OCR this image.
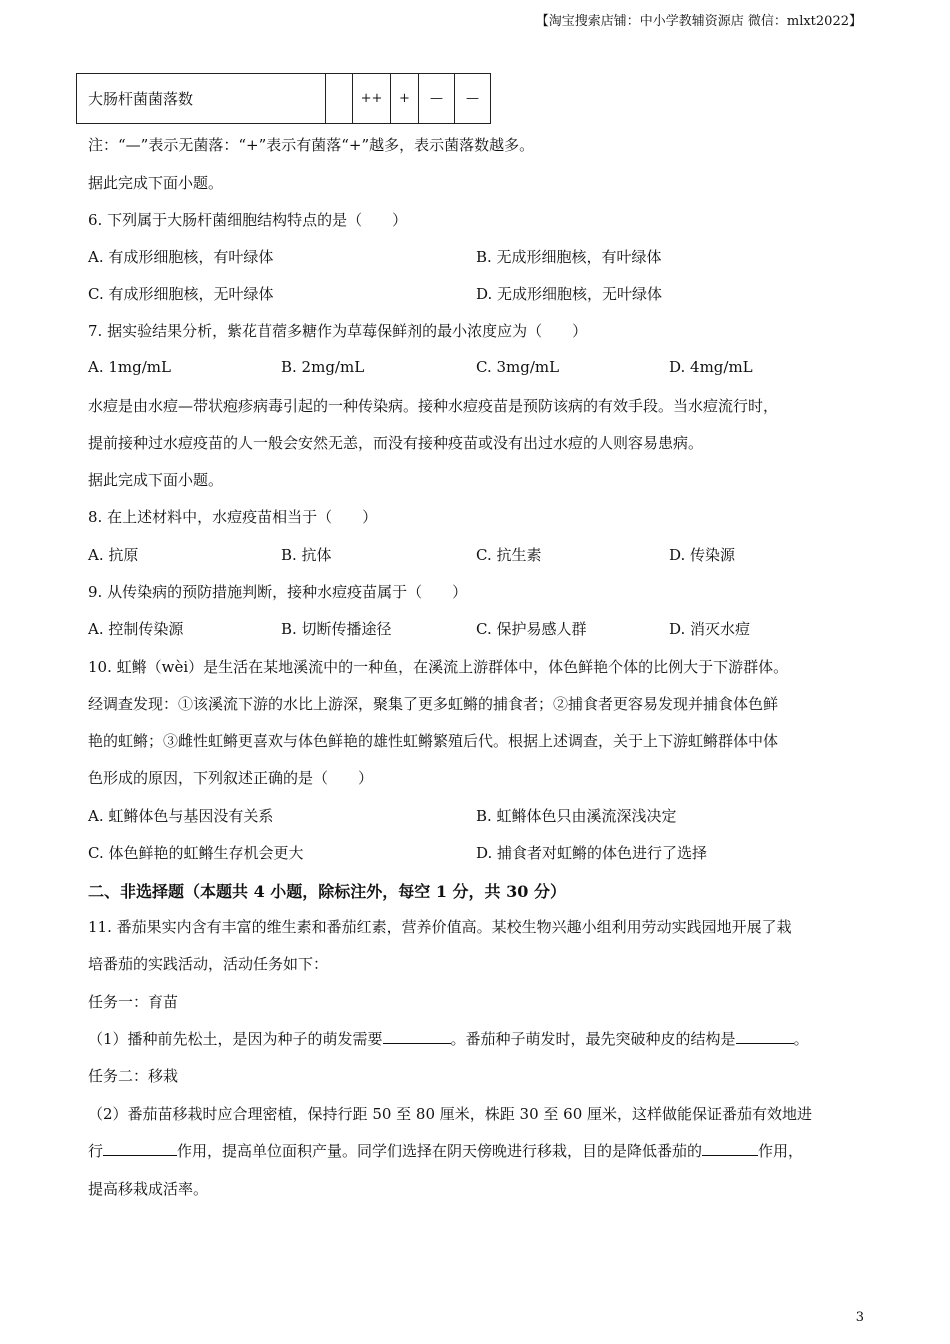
【淘宝搜索店铺：中小学教辅资源店 微信：mlxt2022】
大肠杆菌菌落数		++	+	—	—
注：“—”表示无菌落：“+”表示有菌落“+”越多，表示菌落数越多。
据此完成下面小题。
6. 下列属于大肠杆菌细胞结构特点的是（　　）
A. 有成形细胞核，有叶绿体	B. 无成形细胞核，有叶绿体
C. 有成形细胞核，无叶绿体	D. 无成形细胞核，无叶绿体
7. 据实验结果分析，紫花苜蓿多糖作为草莓保鲜剂的最小浓度应为（　　）
A. 1mg/mL	B. 2mg/mL	C. 3mg/mL	D. 4mg/mL
水痘是由水痘—带状疱疹病毒引起的一种传染病。接种水痘疫苗是预防该病的有效手段。当水痘流行时，
提前接种过水痘疫苗的人一般会安然无恙，而没有接种疫苗或没有出过水痘的人则容易患病。
据此完成下面小题。
8. 在上述材料中，水痘疫苗相当于（　　）
A. 抗原	B. 抗体	C. 抗生素	D. 传染源
9. 从传染病的预防措施判断，接种水痘疫苗属于（　　）
A. 控制传染源	B. 切断传播途径	C. 保护易感人群	D. 消灭水痘
10. 虹鳉（wèi）是生活在某地溪流中的一种鱼，在溪流上游群体中，体色鲜艳个体的比例大于下游群体。
经调查发现：①该溪流下游的水比上游深，聚集了更多虹鳉的捕食者；②捕食者更容易发现并捕食体色鲜
艳的虹鳉；③雌性虹鳉更喜欢与体色鲜艳的雄性虹鳉繁殖后代。根据上述调查，关于上下游虹鳉群体中体
色形成的原因，下列叙述正确的是（　　）
A. 虹鳉体色与基因没有关系	B. 虹鳉体色只由溪流深浅决定
C. 体色鲜艳的虹鳉生存机会更大	D. 捕食者对虹鳉的体色进行了选择
二、非选择题（本题共 4 小题，除标注外，每空 1 分，共 30 分）
11. 番茄果实内含有丰富的维生素和番茄红素，营养价值高。某校生物兴趣小组利用劳动实践园地开展了栽
培番茄的实践活动，活动任务如下：
任务一：育苗
（1）播种前先松土，是因为种子的萌发需要	。番茄种子萌发时，最先突破种皮的结构是	。
任务二：移栽
（2）番茄苗移栽时应合理密植，保持行距 50 至 80 厘米，株距 30 至 60 厘米，这样做能保证番茄有效地进
行	作用，提高单位面积产量。同学们选择在阴天傍晚进行移栽，目的是降低番茄的	作用，
提高移栽成活率。
3
